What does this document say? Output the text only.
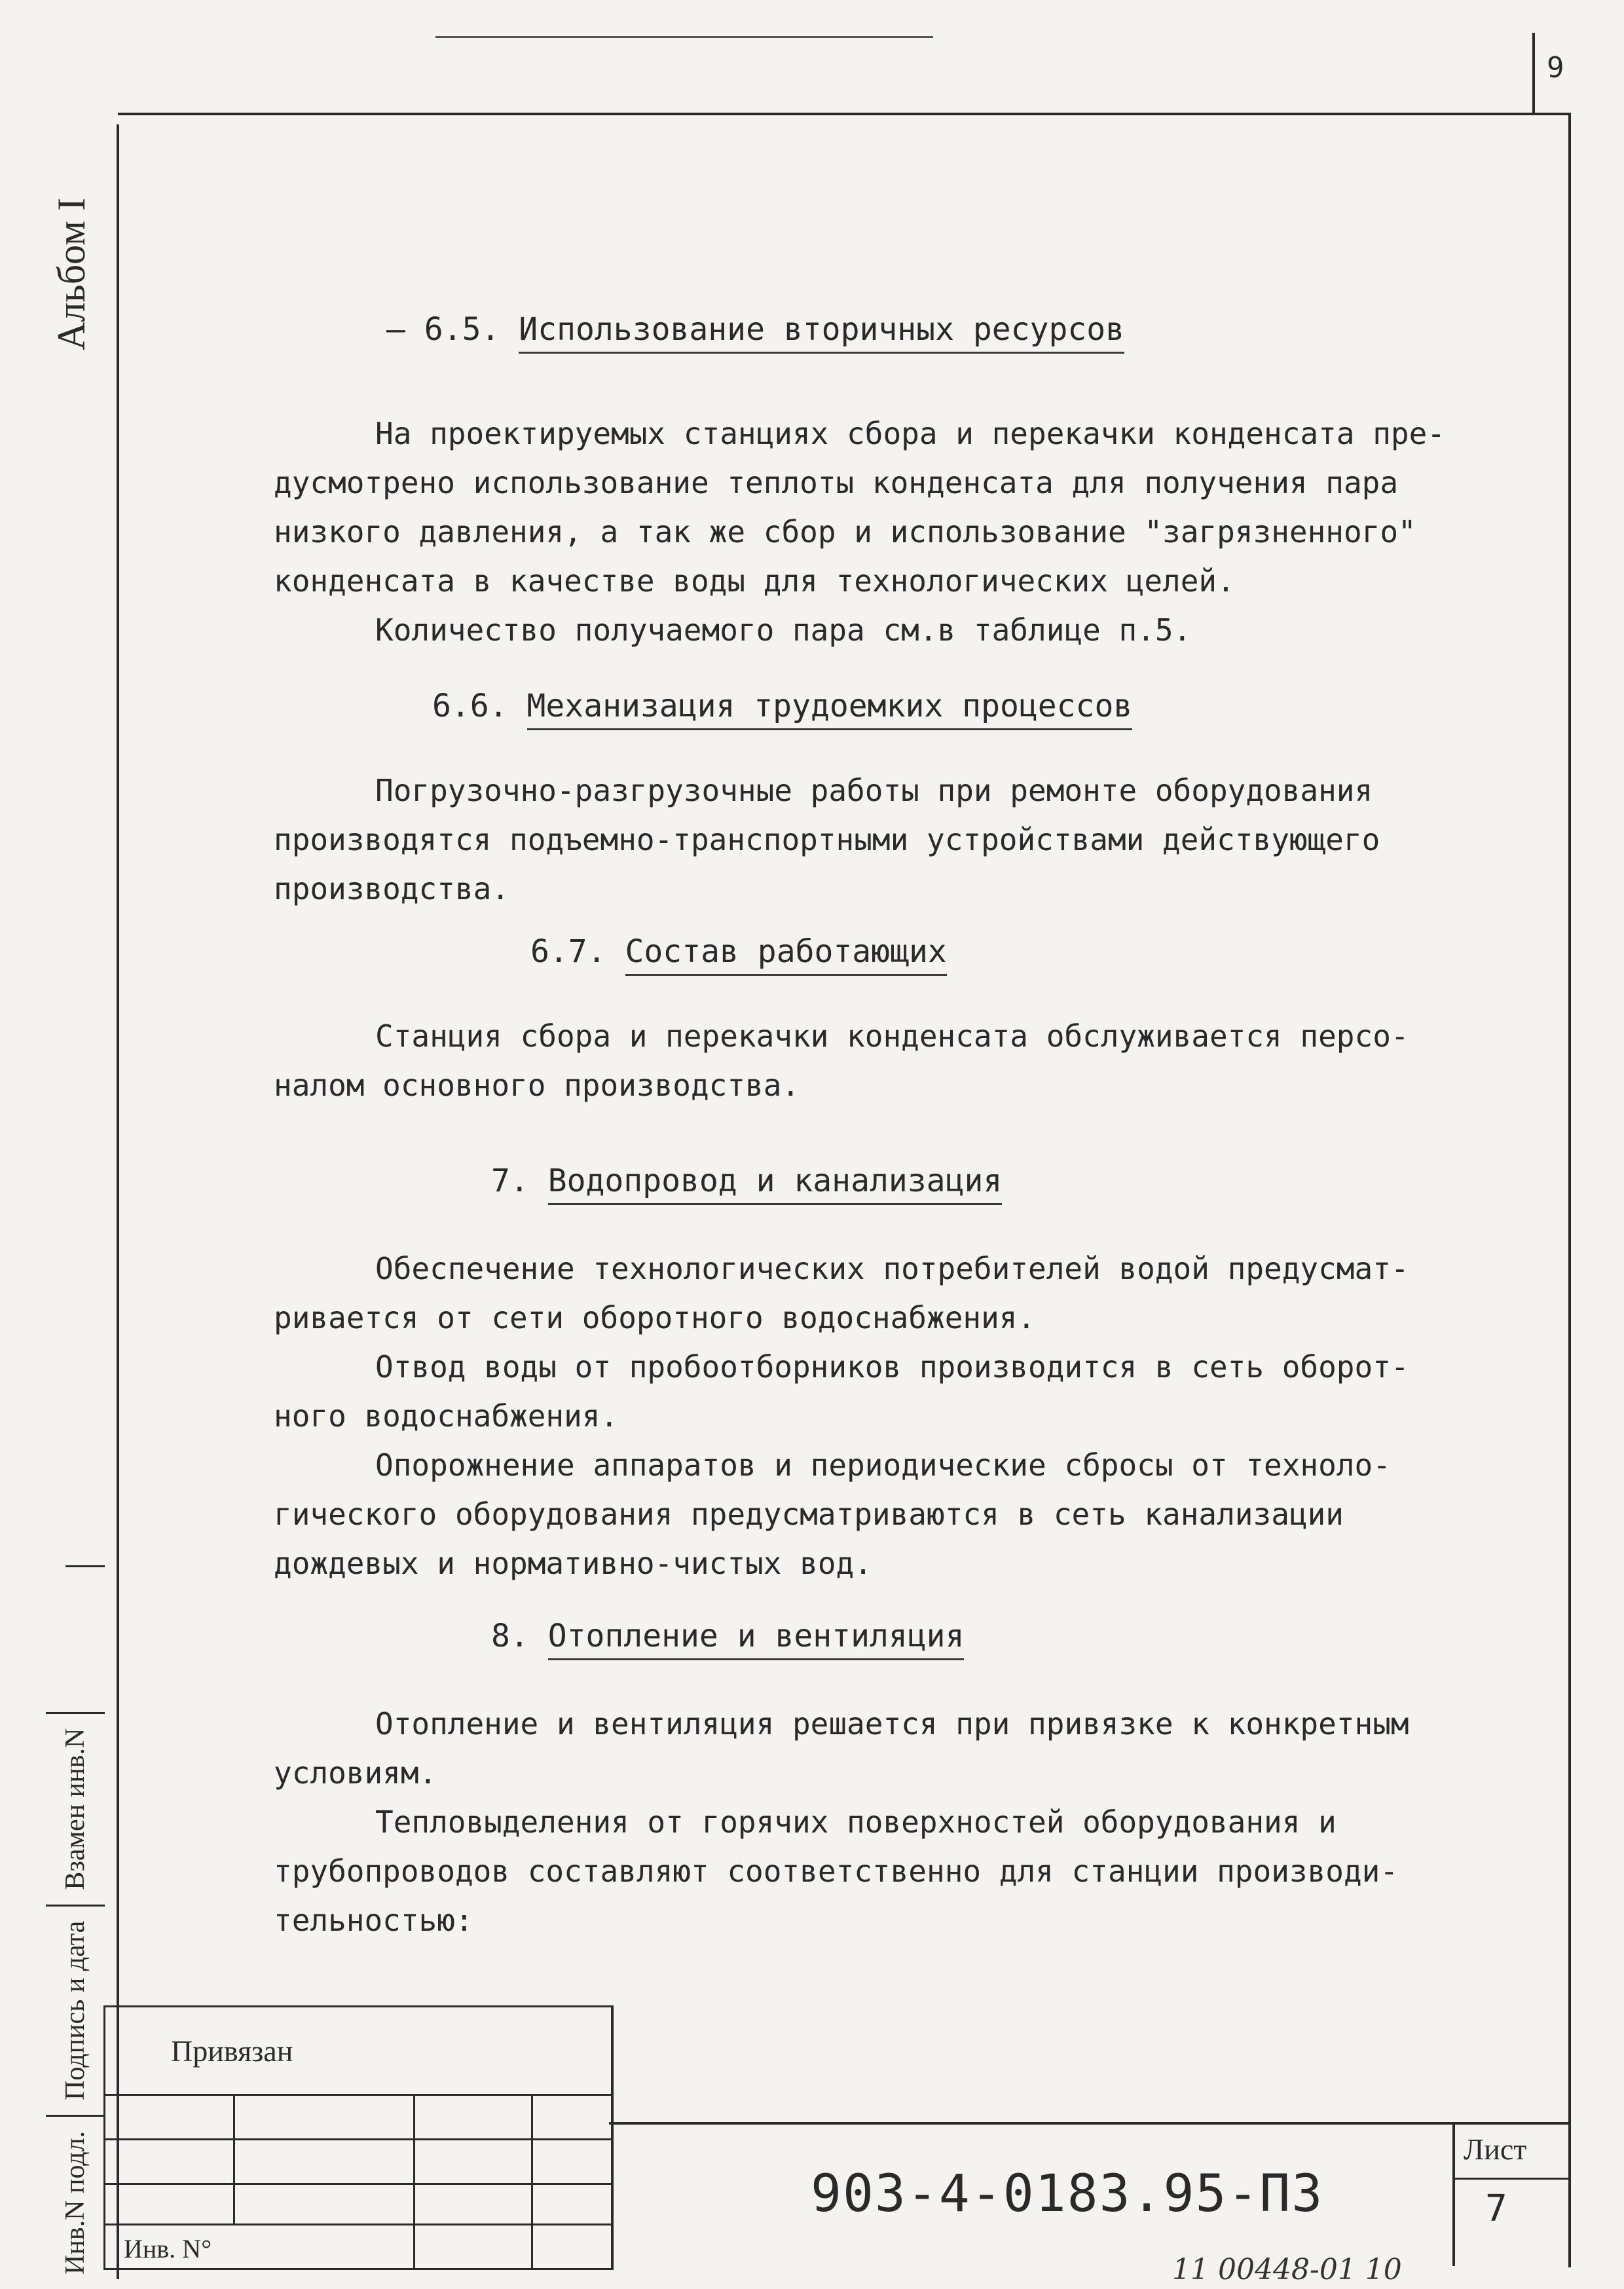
9
Альбом I
Инв.N подл.Подпись и датаВзамен инв.N
– 6.5. Использование вторичных ресурсов
На проектируемых станциях сбора и перекачки конденсата пре-
дусмотрено использование теплоты конденсата для получения пара
низкого давления, а так же сбор и использование "загрязненного"
конденсата в качестве воды для технологических целей.
Количество получаемого пара см.в таблице п.5.
6.6. Механизация трудоемких процессов
Погрузочно-разгрузочные работы при ремонте оборудования
производятся подъемно-транспортными устройствами действующего
производства.
6.7. Состав работающих
Станция сбора и перекачки конденсата обслуживается персо-
налом основного производства.
7. Водопровод и канализация
Обеспечение технологических потребителей водой предусмат-
ривается от сети оборотного водоснабжения.
Отвод воды от пробоотборников производится в сеть оборот-
ного водоснабжения.
Опорожнение аппаратов и периодические сбросы от техноло-
гического оборудования предусматриваются в сеть канализации
дождевых и нормативно-чистых вод.
8. Отопление и вентиляция
Отопление и вентиляция решается при привязке к конкретным
условиям.
Тепловыделения от горячих поверхностей оборудования и
трубопроводов составляют соответственно для станции производи-
тельностью:
Привязан
Инв. N°
903-4-0183.95-ПЗ
Лист
7
11 00448-01 10
